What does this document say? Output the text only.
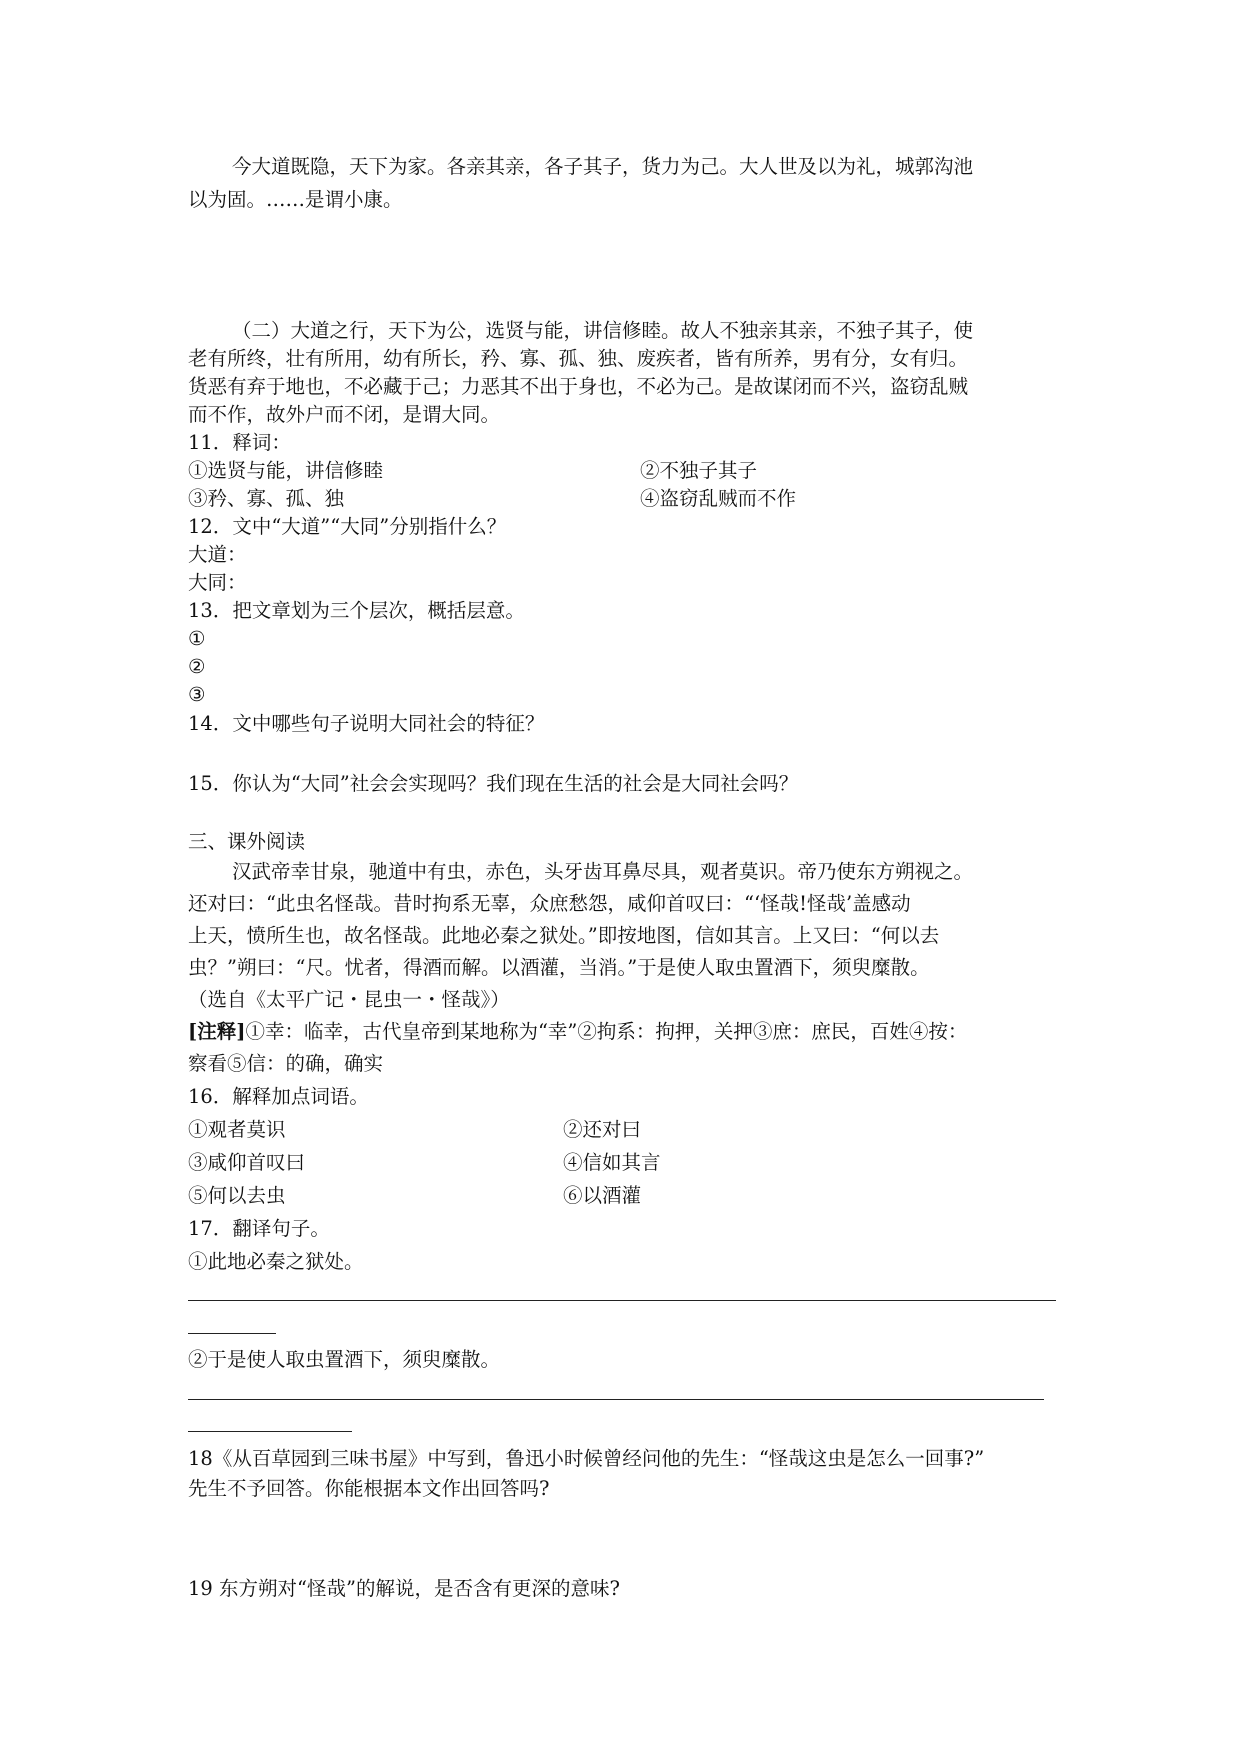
今大道既隐，天下为家。各亲其亲，各子其子，货力为己。大人世及以为礼，城郭沟池
以为固。……是谓小康。
（二）大道之行，天下为公，选贤与能，讲信修睦。故人不独亲其亲，不独子其子，使
老有所终，壮有所用，幼有所长，矜、寡、孤、独、废疾者，皆有所养，男有分，女有归。
货恶有弃于地也，不必藏于己；力恶其不出于身也，不必为己。是故谋闭而不兴，盗窃乱贼
而不作，故外户而不闭，是谓大同。
11．释词：
①选贤与能，讲信修睦	②不独子其子
③矜、寡、孤、独	④盗窃乱贼而不作
12．文中“大道”“大同”分别指什么？
大道：
大同：
13．把文章划为三个层次，概括层意。
①
②
③
14．文中哪些句子说明大同社会的特征？
15．你认为“大同”社会会实现吗？我们现在生活的社会是大同社会吗？
三、课外阅读
汉武帝幸甘泉，驰道中有虫，赤色，头牙齿耳鼻尽具，观者莫识。帝乃使东方朔视之。
还对曰：“此虫名怪哉。昔时拘系无辜，众庶愁怨，咸仰首叹曰：“‘怪哉!怪哉’盖感动
上天，愤所生也，故名怪哉。此地必秦之狱处。”即按地图，信如其言。上又曰：“何以去
虫？”朔曰：“尺。忧者，得酒而解。以酒灌，当消。”于是使人取虫置酒下，须臾糜散。
（选自《太平广记・昆虫一・怪哉》）
[注释]①幸：临幸，古代皇帝到某地称为“幸”②拘系：拘押，关押③庶：庶民，百姓④按：
察看⑤信：的确，确实
16．解释加点词语。
①观者莫识	②还对曰
③咸仰首叹曰	④信如其言
⑤何以去虫	⑥以酒灌
17．翻译句子。
①此地必秦之狱处。
②于是使人取虫置酒下，须臾糜散。
18《从百草园到三味书屋》中写到，鲁迅小时候曾经问他的先生：“怪哉这虫是怎么一回事?”
先生不予回答。你能根据本文作出回答吗?
19 东方朔对“怪哉”的解说，是否含有更深的意味?
